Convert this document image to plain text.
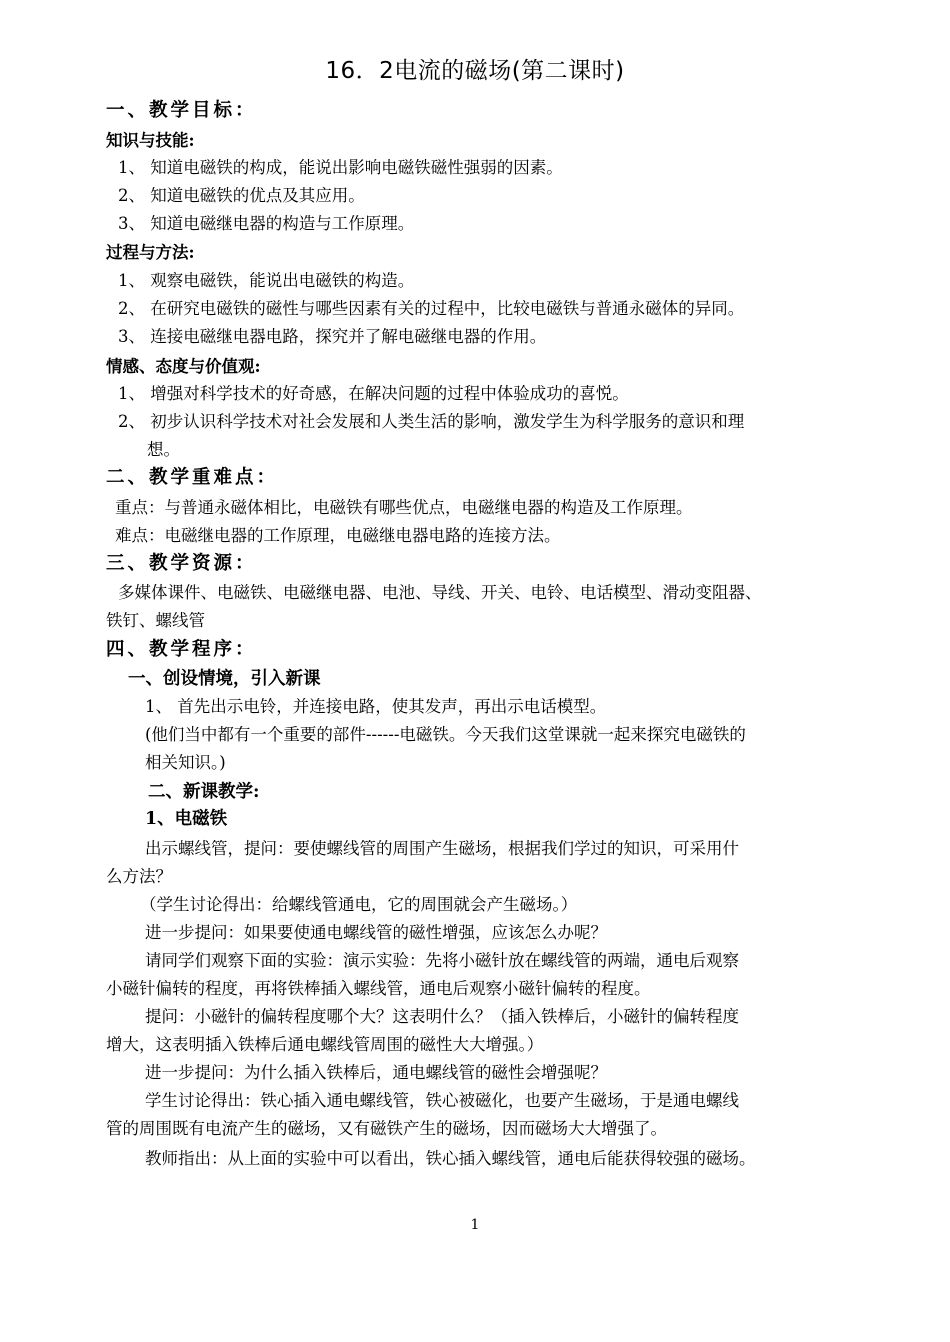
16．2电流的磁场(第二课时)
一、教学目标：
知识与技能:
1、 知道电磁铁的构成，能说出影响电磁铁磁性强弱的因素。
2、 知道电磁铁的优点及其应用。
3、 知道电磁继电器的构造与工作原理。
过程与方法:
1、 观察电磁铁，能说出电磁铁的构造。
2、 在研究电磁铁的磁性与哪些因素有关的过程中，比较电磁铁与普通永磁体的异同。
3、 连接电磁继电器电路，探究并了解电磁继电器的作用。
情感、态度与价值观:
1、 增强对科学技术的好奇感，在解决问题的过程中体验成功的喜悦。
2、 初步认识科学技术对社会发展和人类生活的影响，激发学生为科学服务的意识和理
想。
二、教学重难点：
重点：与普通永磁体相比，电磁铁有哪些优点，电磁继电器的构造及工作原理。
难点：电磁继电器的工作原理，电磁继电器电路的连接方法。
三、教学资源：
多媒体课件、电磁铁、电磁继电器、电池、导线、开关、电铃、电话模型、滑动变阻器、
铁钉、螺线管
四、教学程序：
一、创设情境，引入新课
1、 首先出示电铃，并连接电路，使其发声，再出示电话模型。
(他们当中都有一个重要的部件------电磁铁。今天我们这堂课就一起来探究电磁铁的
相关知识。)
二、新课教学:
1、电磁铁
出示螺线管，提问：要使螺线管的周围产生磁场，根据我们学过的知识，可采用什
么方法？
（学生讨论得出：给螺线管通电，它的周围就会产生磁场。）
进一步提问：如果要使通电螺线管的磁性增强，应该怎么办呢？
请同学们观察下面的实验：演示实验：先将小磁针放在螺线管的两端，通电后观察
小磁针偏转的程度，再将铁棒插入螺线管，通电后观察小磁针偏转的程度。
提问：小磁针的偏转程度哪个大？这表明什么？（插入铁棒后，小磁针的偏转程度
增大，这表明插入铁棒后通电螺线管周围的磁性大大增强。）
进一步提问：为什么插入铁棒后，通电螺线管的磁性会增强呢？
学生讨论得出：铁心插入通电螺线管，铁心被磁化，也要产生磁场，于是通电螺线
管的周围既有电流产生的磁场，又有磁铁产生的磁场，因而磁场大大增强了。
教师指出：从上面的实验中可以看出，铁心插入螺线管，通电后能获得较强的磁场。
1
